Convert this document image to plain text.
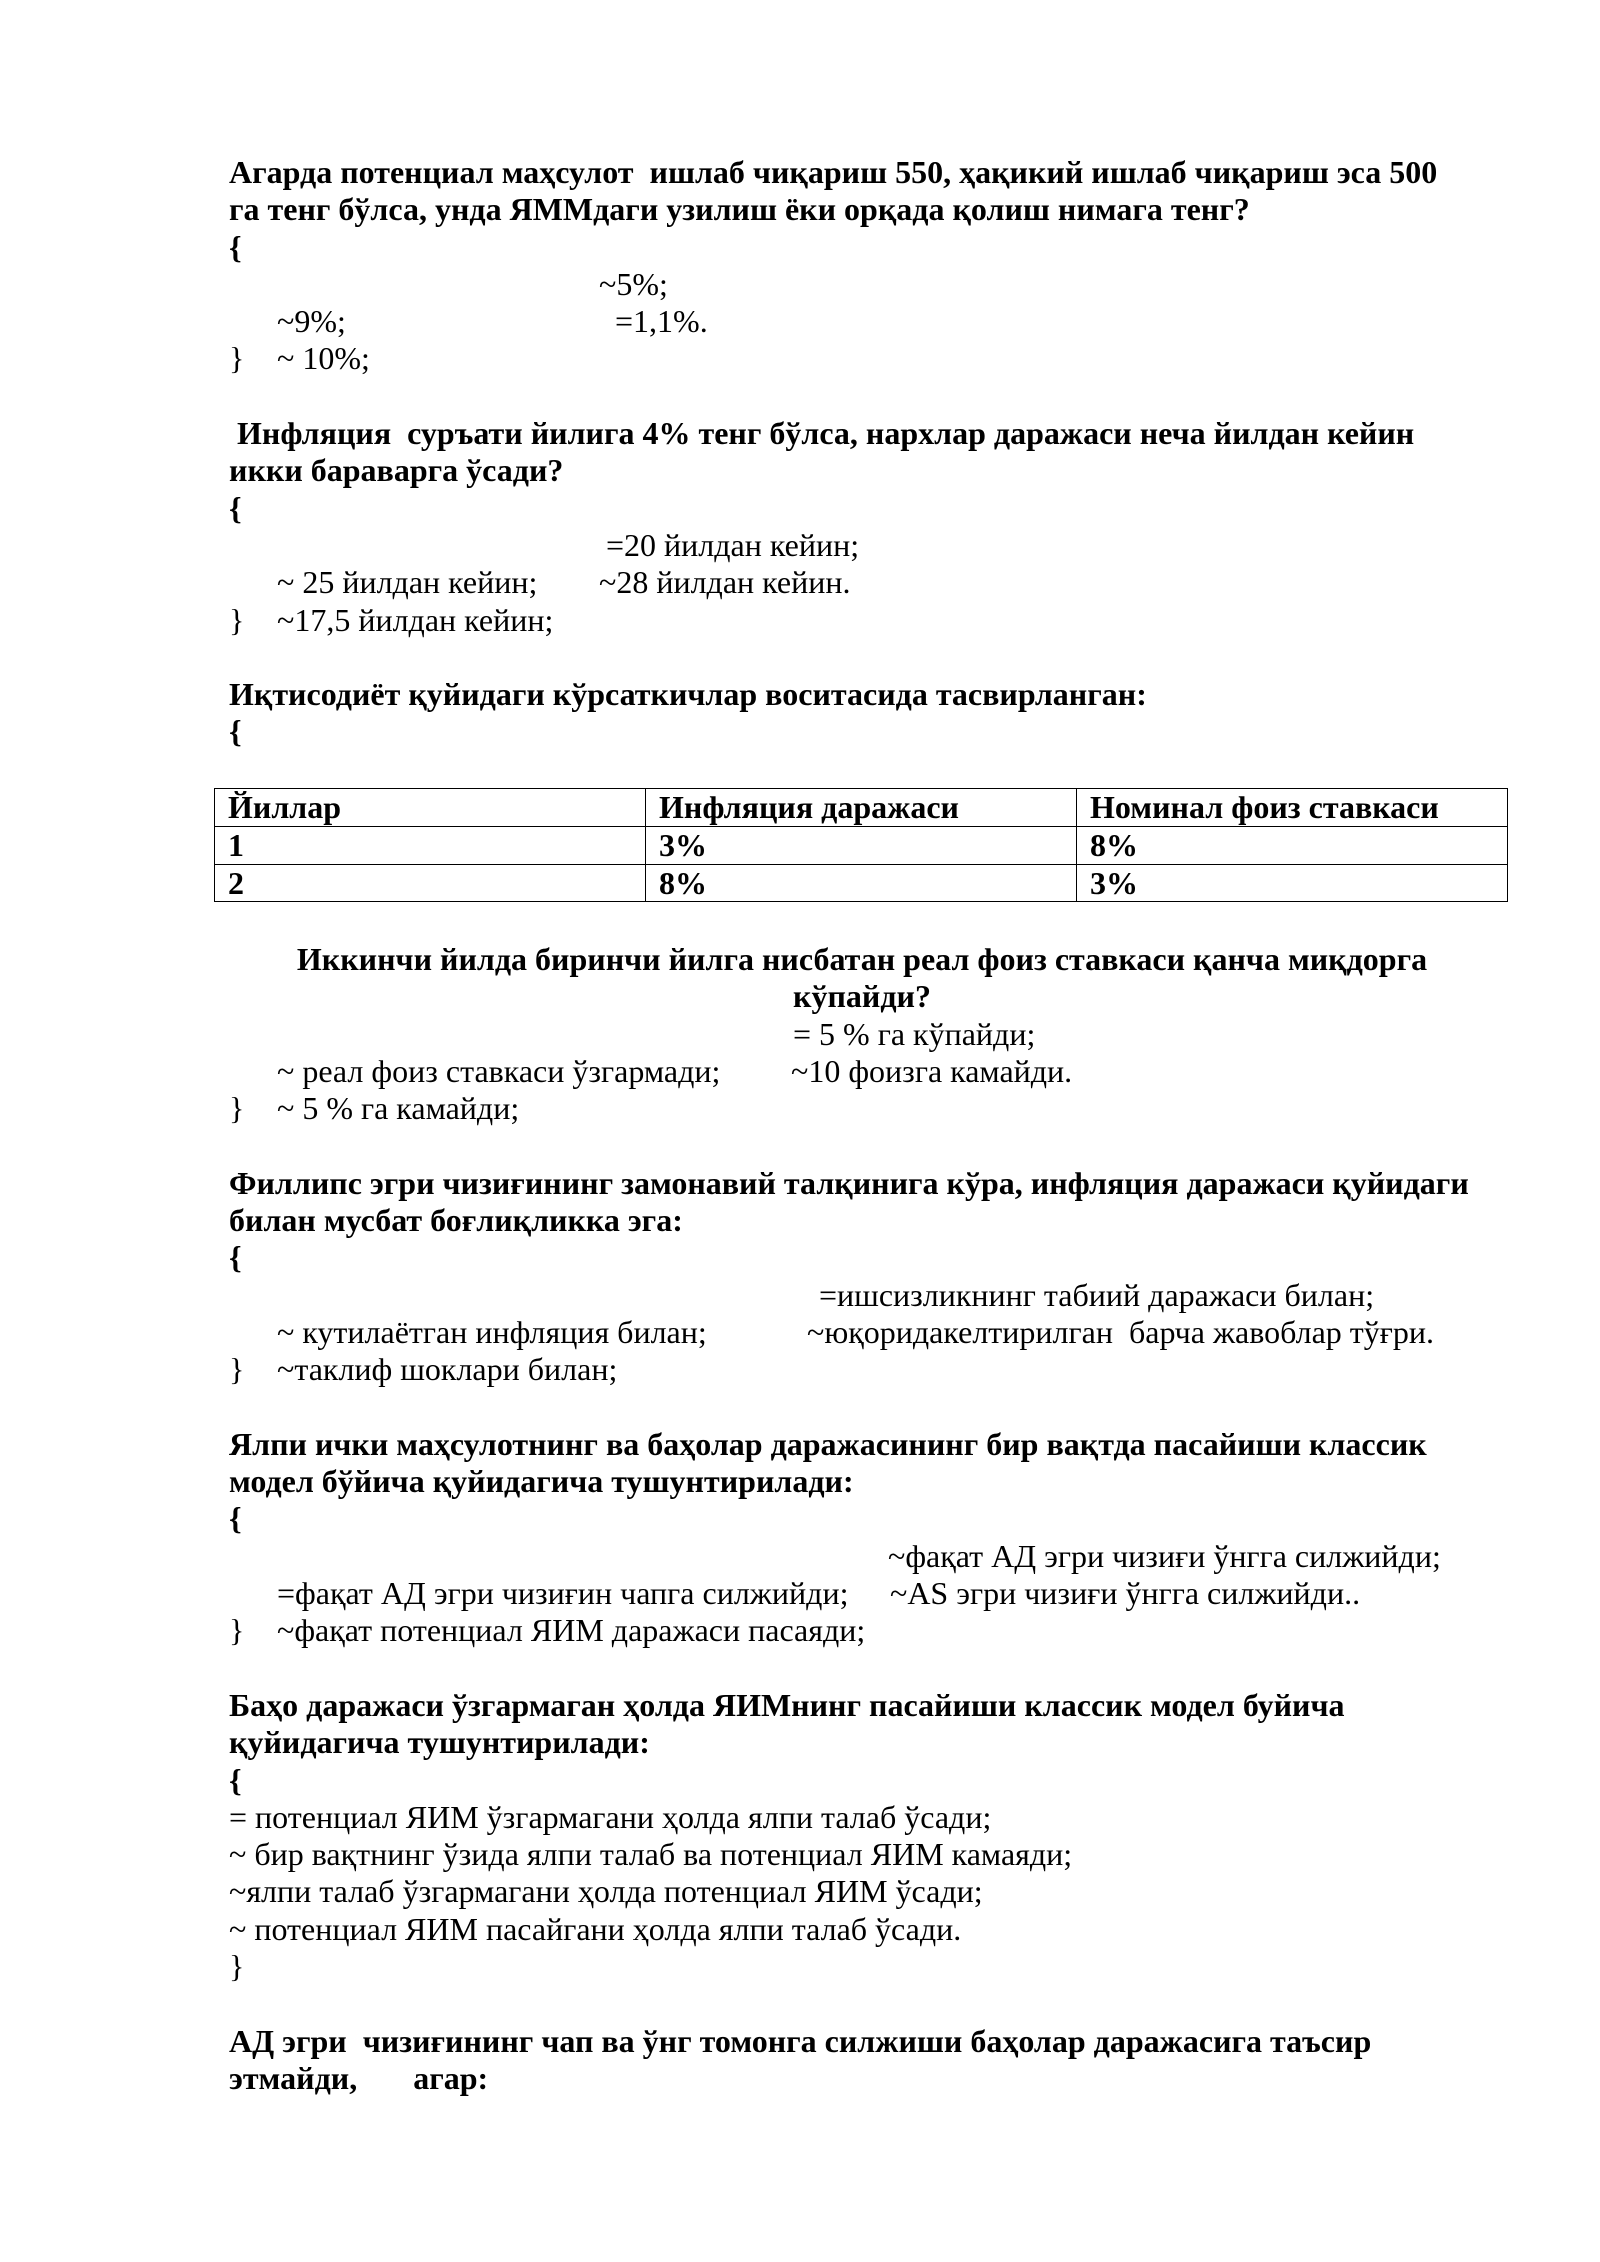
Агарда потенциал маҳсулот  ишлаб чиқариш 550, ҳақикий ишлаб чиқариш эса 500
га тенг бўлса, унда ЯММдаги узилиш ёки орқада қолиш нимага тенг?
{

~9%;

~5%;

~ 10%;

=1,1%.

}
Инфляция  суръати йилига 4% тенг бўлса, нархлар даражаси неча йилдан кейин
икки бараварга ўсади?
{

~ 25 йилдан кейин;

=20 йилдан кейин;

~17,5 йилдан кейин;

~28 йилдан кейин.

}
Иқтисодиёт қуйидаги кўрсаткичлар воситасида тасвирланган:
{
Йиллар	Инфляция даражаси	Номинал фоиз ставкаси
1	3%	8%
2	8%	3%
Иккинчи йилда биринчи йилга нисбатан реал фоиз ставкаси қанча миқдорга
кўпайди?

~ реал фоиз ставкаси ўзгармади;

= 5 % га кўпайди;

~ 5 % га камайди;

~10 фоизга камайди.

}
Филлипс эгри чизиғининг замонавий талқинига кўра, инфляция даражаси қуйидаги
билан мусбат боғлиқликка эга:
{

~ кутилаётган инфляция билан;

=ишсизликнинг табиий даражаси билан;

~таклиф шоклари билан;

~юқоридакелтирилган  барча жавоблар тўғри.

}
Ялпи ички маҳсулотнинг ва баҳолар даражасининг бир вақтда пасайиши классик
модел бўйича қуйидагича тушунтирилади:
{

=фақат АД эгри чизиғин чапга силжийди;

~фақат АД эгри чизиғи ўнгга силжийди;

~фақат потенциал ЯИМ даражаси пасаяди;

~AS эгри чизиғи ўнгга силжийди..

}
Баҳо даражаси ўзгармаган ҳолда ЯИМнинг пасайиши классик модел буйича
қуйидагича тушунтирилади:
{
= потенциал ЯИМ ўзгармагани ҳолда ялпи талаб ўсади;
~ бир вақтнинг ўзида ялпи талаб ва потенциал ЯИМ камаяди;
~ялпи талаб ўзгармагани ҳолда потенциал ЯИМ ўсади;
~ потенциал ЯИМ пасайгани ҳолда ялпи талаб ўсади.
}
АД эгри  чизиғининг чап ва ўнг томонга силжиши баҳолар даражасига таъсир
этмайди,       агар:
